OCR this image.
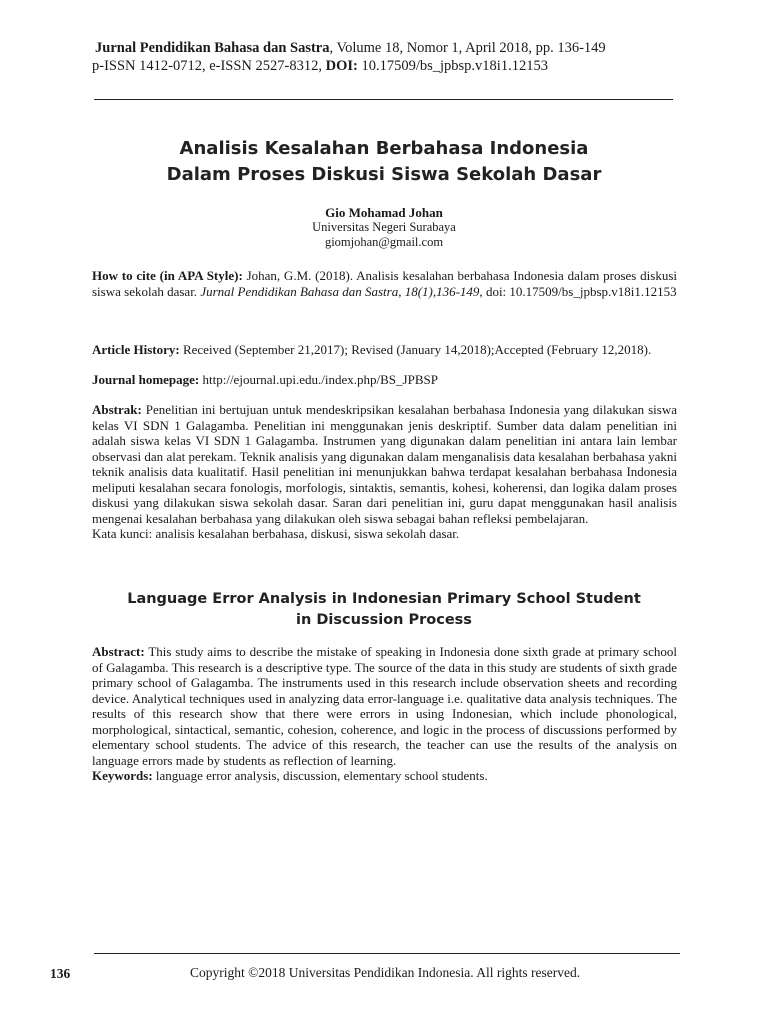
Jurnal Pendidikan Bahasa dan Sastra, Volume 18, Nomor 1, April 2018, pp. 136-149
p-ISSN 1412-0712, e-ISSN 2527-8312, DOI: 10.17509/bs_jpbsp.v18i1.12153
Analisis Kesalahan Berbahasa Indonesia
Dalam Proses Diskusi Siswa Sekolah Dasar
Gio Mohamad Johan
Universitas Negeri Surabaya
giomjohan@gmail.com
How to cite (in APA Style): Johan, G.M. (2018). Analisis kesalahan berbahasa Indonesia dalam proses diskusi siswa sekolah dasar. Jurnal Pendidikan Bahasa dan Sastra, 18(1),136-149, doi: 10.17509/bs_jpbsp.v18i1.12153
Article History: Received (September 21,2017); Revised (January 14,2018);Accepted (February 12,2018).
Journal homepage: http://ejournal.upi.edu./index.php/BS_JPBSP
Abstrak: Penelitian ini bertujuan untuk mendeskripsikan kesalahan berbahasa Indonesia yang dilakukan siswa kelas VI SDN 1 Galagamba. Penelitian ini menggunakan jenis deskriptif. Sumber data dalam penelitian ini adalah siswa kelas VI SDN 1 Galagamba. Instrumen yang digunakan dalam penelitian ini antara lain lembar observasi dan alat perekam. Teknik analisis yang digunakan dalam menganalisis data kesalahan berbahasa yakni teknik analisis data kualitatif. Hasil penelitian ini menunjukkan bahwa terdapat kesalahan berbahasa Indonesia meliputi kesalahan secara fonologis, morfologis, sintaktis, semantis, kohesi, koherensi, dan logika dalam proses diskusi yang dilakukan siswa sekolah dasar. Saran dari penelitian ini, guru dapat menggunakan hasil analisis mengenai kesalahan berbahasa yang dilakukan oleh siswa sebagai bahan refleksi pembelajaran.
Kata kunci: analisis kesalahan berbahasa, diskusi, siswa sekolah dasar.
Language Error Analysis in Indonesian Primary School Student
in Discussion Process
Abstract: This study aims to describe the mistake of speaking in Indonesia done sixth grade at primary school of Galagamba. This research is a descriptive type. The source of the data in this study are students of sixth grade primary school of Galagamba. The instruments used in this research include observation sheets and recording device. Analytical techniques used in analyzing data error-language i.e. qualitative data analysis techniques. The results of this research show that there were errors in using Indonesian, which include phonological, morphological, sintactical, semantic, cohesion, coherence, and logic in the process of discussions performed by elementary school students. The advice of this research, the teacher can use the results of the analysis on language errors made by students as reflection of learning.
Keywords: language error analysis, discussion, elementary school students.
136	Copyright ©2018 Universitas Pendidikan Indonesia. All rights reserved.
